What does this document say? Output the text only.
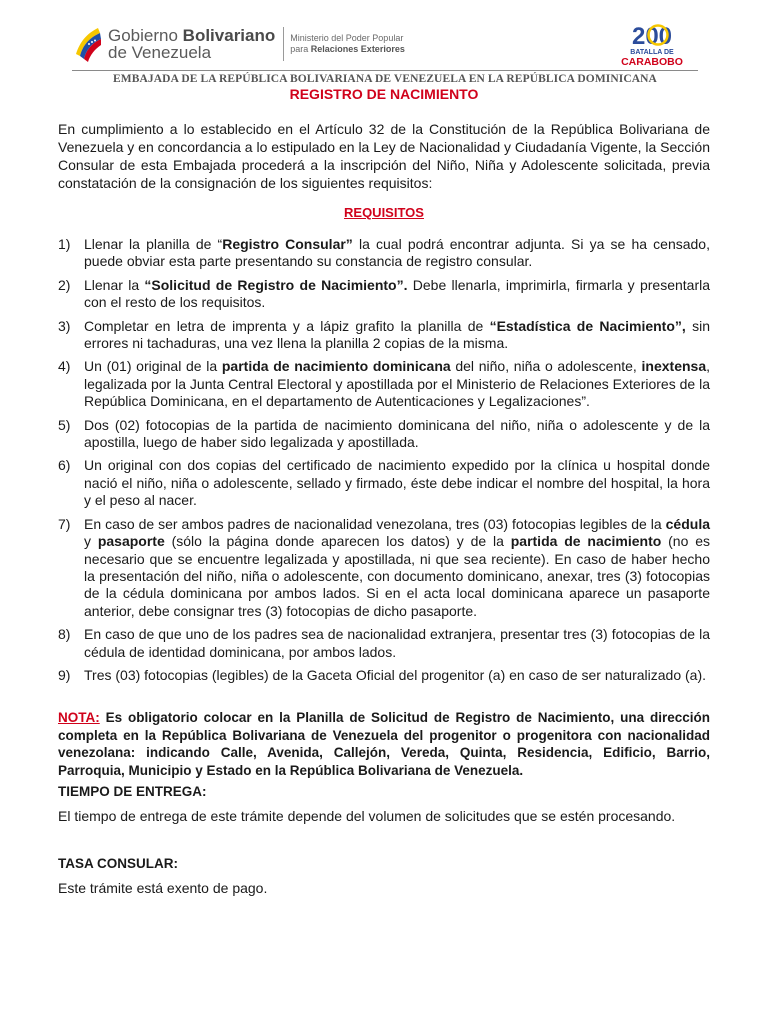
Gobierno Bolivariano
de Venezuela
Ministerio del Poder Popular
para Relaciones Exteriores	200
BATALLA DE
CARABOBO
EMBAJADA DE LA REPÚBLICA BOLIVARIANA DE VENEZUELA EN LA REPÚBLICA DOMINICANA
REGISTRO DE NACIMIENTO
En cumplimiento a lo establecido en el Artículo 32 de la Constitución de la República Bolivariana de Venezuela y en concordancia a lo estipulado en la Ley de Nacionalidad y Ciudadanía Vigente, la Sección Consular de esta Embajada procederá a la inscripción del Niño, Niña y Adolescente solicitada, previa constatación de la consignación de los siguientes requisitos:
REQUISITOS
1) Llenar la planilla de “Registro Consular” la cual podrá encontrar adjunta. Si ya se ha censado, puede obviar esta parte presentando su constancia de registro consular.
2) Llenar la “Solicitud de Registro de Nacimiento”. Debe llenarla, imprimirla, firmarla y presentarla con el resto de los requisitos.
3) Completar en letra de imprenta y a lápiz grafito la planilla de “Estadística de Nacimiento”, sin errores ni tachaduras, una vez llena la planilla 2 copias de la misma.
4) Un (01) original de la partida de nacimiento dominicana del niño, niña o adolescente, inextensa, legalizada por la Junta Central Electoral y apostillada por el Ministerio de Relaciones Exteriores de la República Dominicana, en el departamento de Autenticaciones y Legalizaciones”.
5) Dos (02) fotocopias de la partida de nacimiento dominicana del niño, niña o adolescente y de la apostilla, luego de haber sido legalizada y apostillada.
6) Un original con dos copias del certificado de nacimiento expedido por la clínica u hospital donde nació el niño, niña o adolescente, sellado y firmado, éste debe indicar el nombre del hospital, la hora y el peso al nacer.
7) En caso de ser ambos padres de nacionalidad venezolana, tres (03) fotocopias legibles de la cédula y pasaporte (sólo la página donde aparecen los datos) y de la partida de nacimiento (no es necesario que se encuentre legalizada y apostillada, ni que sea reciente). En caso de haber hecho la presentación del niño, niña o adolescente, con documento dominicano, anexar, tres (3) fotocopias de la cédula dominicana por ambos lados. Si en el acta local dominicana aparece un pasaporte anterior, debe consignar tres (3) fotocopias de dicho pasaporte.
8) En caso de que uno de los padres sea de nacionalidad extranjera, presentar tres (3) fotocopias de la cédula de identidad dominicana, por ambos lados.
9) Tres (03) fotocopias (legibles) de la Gaceta Oficial del progenitor (a) en caso de ser naturalizado (a).
NOTA: Es obligatorio colocar en la Planilla de Solicitud de Registro de Nacimiento, una dirección completa en la República Bolivariana de Venezuela del progenitor o progenitora con nacionalidad venezolana: indicando Calle, Avenida, Callejón, Vereda, Quinta, Residencia, Edificio, Barrio, Parroquia, Municipio y Estado en la República Bolivariana de Venezuela.
TIEMPO DE ENTREGA:
El tiempo de entrega de este trámite depende del volumen de solicitudes que se estén procesando.
TASA CONSULAR:
Este trámite está exento de pago.
